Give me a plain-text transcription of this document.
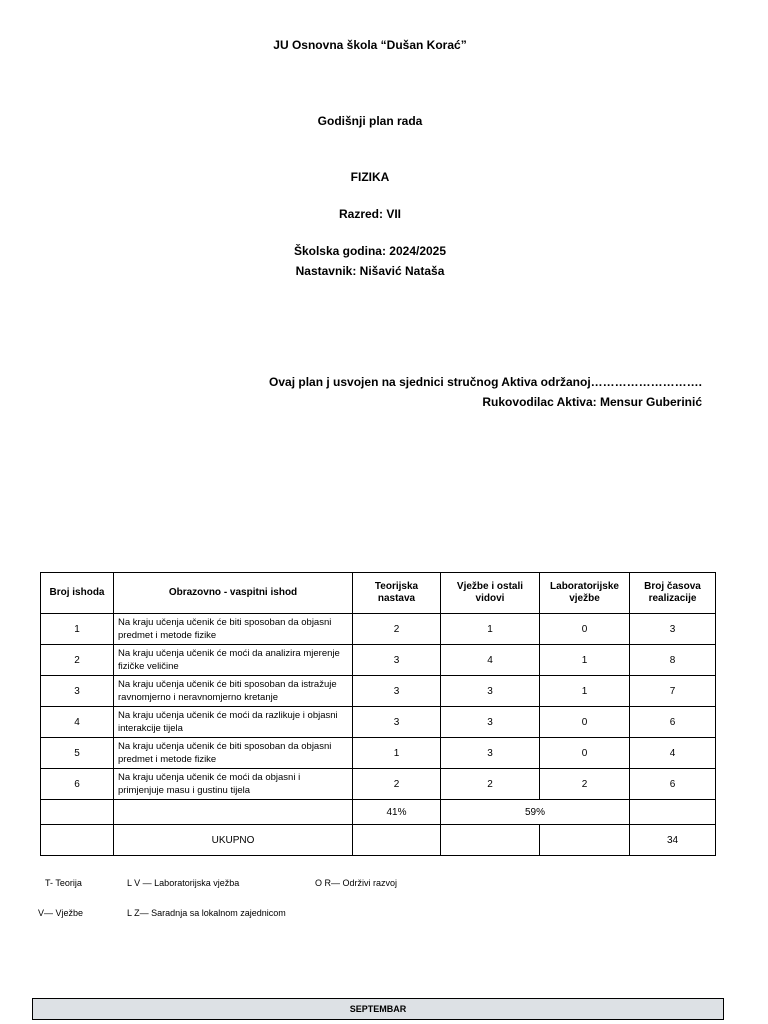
JU Osnovna škola “Dušan Korać”
Godišnji plan rada
FIZIKA
Razred: VII
Školska godina: 2024/2025
Nastavnik: Nišavić Nataša
Ovaj plan j usvojen na sjednici stručnog Aktiva održanoj……………………….
Rukovodilac Aktiva: Mensur Guberinić
Broj ishoda	Obrazovno - vaspitni ishod	Teorijska nastava	Vježbe i ostali vidovi	Laboratorijske vježbe	Broj časova realizacije
1	Na kraju učenja učenik će biti sposoban da objasni predmet i metode fizike	2	1	0	3
2	Na kraju učenja učenik će moći da analizira mjerenje fizičke veličine	3	4	1	8
3	Na kraju učenja učenik će biti sposoban da istražuje ravnomjerno i neravnomjerno kretanje	3	3	1	7
4	Na kraju učenja učenik će moći da razlikuje i objasni interakcije tijela	3	3	0	6
5	Na kraju učenja učenik će biti sposoban da objasni predmet i metode fizike	1	3	0	4
6	Na kraju učenja učenik će moći da objasni i primjenjuje masu i gustinu tijela	2	2	2	6
		41%	59%		
	UKUPNO				34
T- Teorija	L V — Laboratorijska vježba	O R— Održivi razvoj
V— Vježbe	L Z— Saradnja sa lokalnom zajednicom
SEPTEMBAR
